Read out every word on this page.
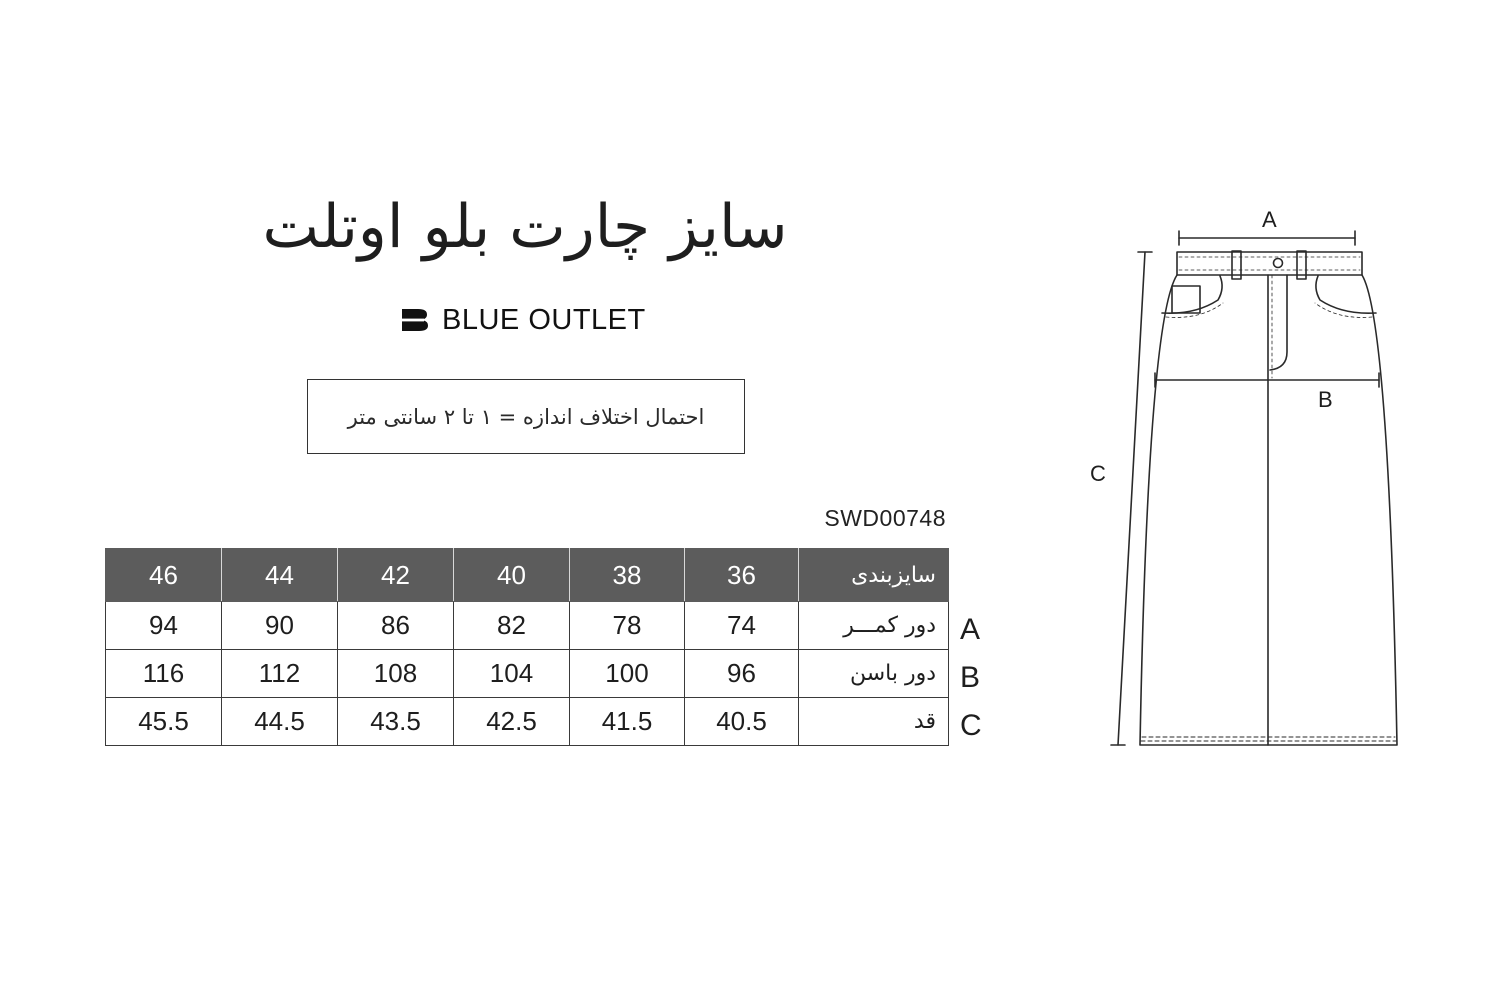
سایز چارت بلو اوتلت
BLUE OUTLET
احتمال اختلاف اندازه = ۱ تا ۲ سانتی متر
SWD00748
46	44	42	40	38	36	سایزبندی
94	90	86	82	78	74	دور کمـــر
116	112	108	104	100	96	دور باسن
45.5	44.5	43.5	42.5	41.5	40.5	قد
A
B
C
A
B
C
